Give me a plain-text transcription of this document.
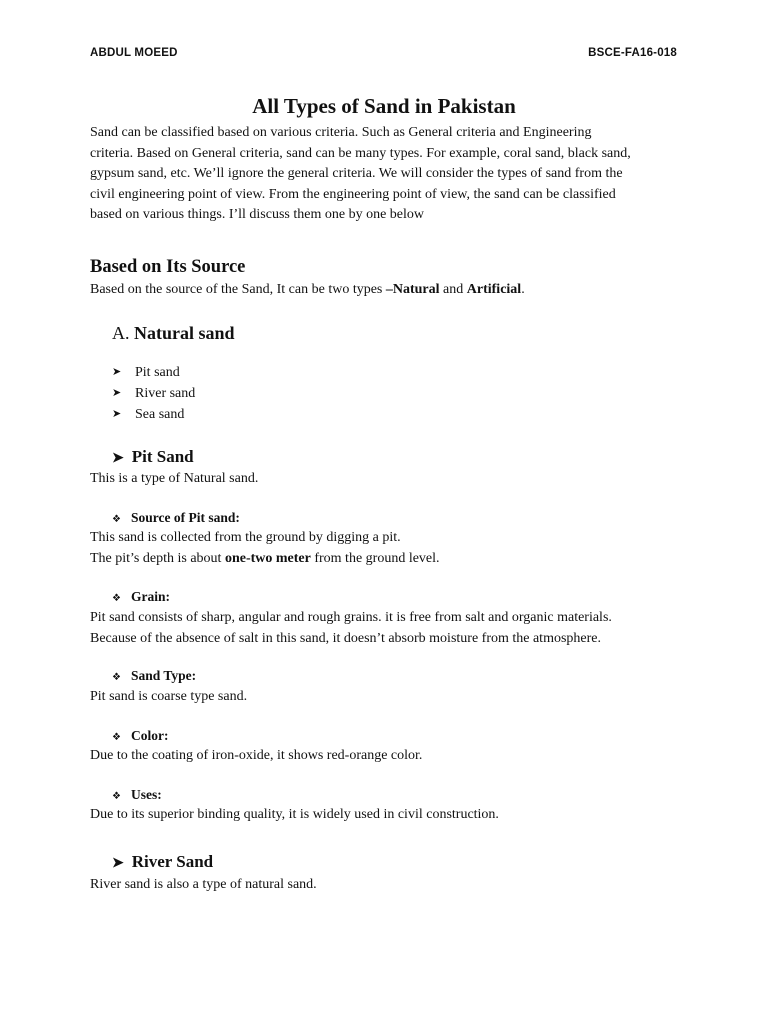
ABDUL MOEED	BSCE-FA16-018
All Types of Sand in Pakistan

Sand can be classified based on various criteria. Such as General criteria and Engineering
criteria. Based on General criteria, sand can be many types. For example, coral sand, black sand,
gypsum sand, etc. We’ll ignore the general criteria. We will consider the types of sand from the
civil engineering point of view. From the engineering point of view, the sand can be classified
based on various things. I’ll discuss them one by one below

Based on Its Source

Based on the source of the Sand, It can be two types –Natural and Artificial.

A. Natural sand
➤ Pit sand
➤ River sand
➤ Sea sand
➤ Pit Sand

This is a type of Natural sand.

❖ Source of Pit sand:

This sand is collected from the ground by digging a pit.
The pit’s depth is about one-two meter from the ground level.

❖ Grain:

Pit sand consists of sharp, angular and rough grains. it is free from salt and organic materials.
Because of the absence of salt in this sand, it doesn’t absorb moisture from the atmosphere.

❖ Sand Type:

Pit sand is coarse type sand.

❖ Color:

Due to the coating of iron-oxide, it shows red-orange color.

❖ Uses:

Due to its superior binding quality, it is widely used in civil construction.

➤ River Sand

River sand is also a type of natural sand.
